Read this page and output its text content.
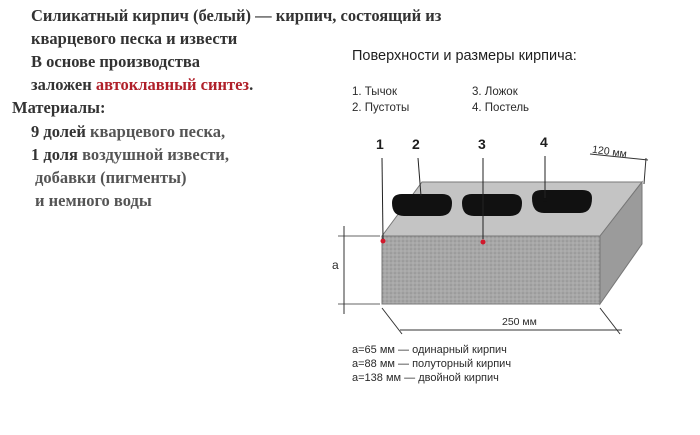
Силикатный кирпич (белый) — кирпич, состоящий из
кварцевого песка и извести
В основе производства
заложен автоклавный синтез.
Материалы:
9 долей кварцевого песка,
1 доля воздушной извести,
добавки (пигменты)
и немного воды
Поверхности и размеры кирпича:
1. Тычок
2. Пустоты
3. Ложок
4. Постель
1 2	3	4
120 мм
250 мм
а
а=65 мм — одинарный кирпич
а=88 мм — полуторный кирпич
а=138 мм — двойной кирпич
